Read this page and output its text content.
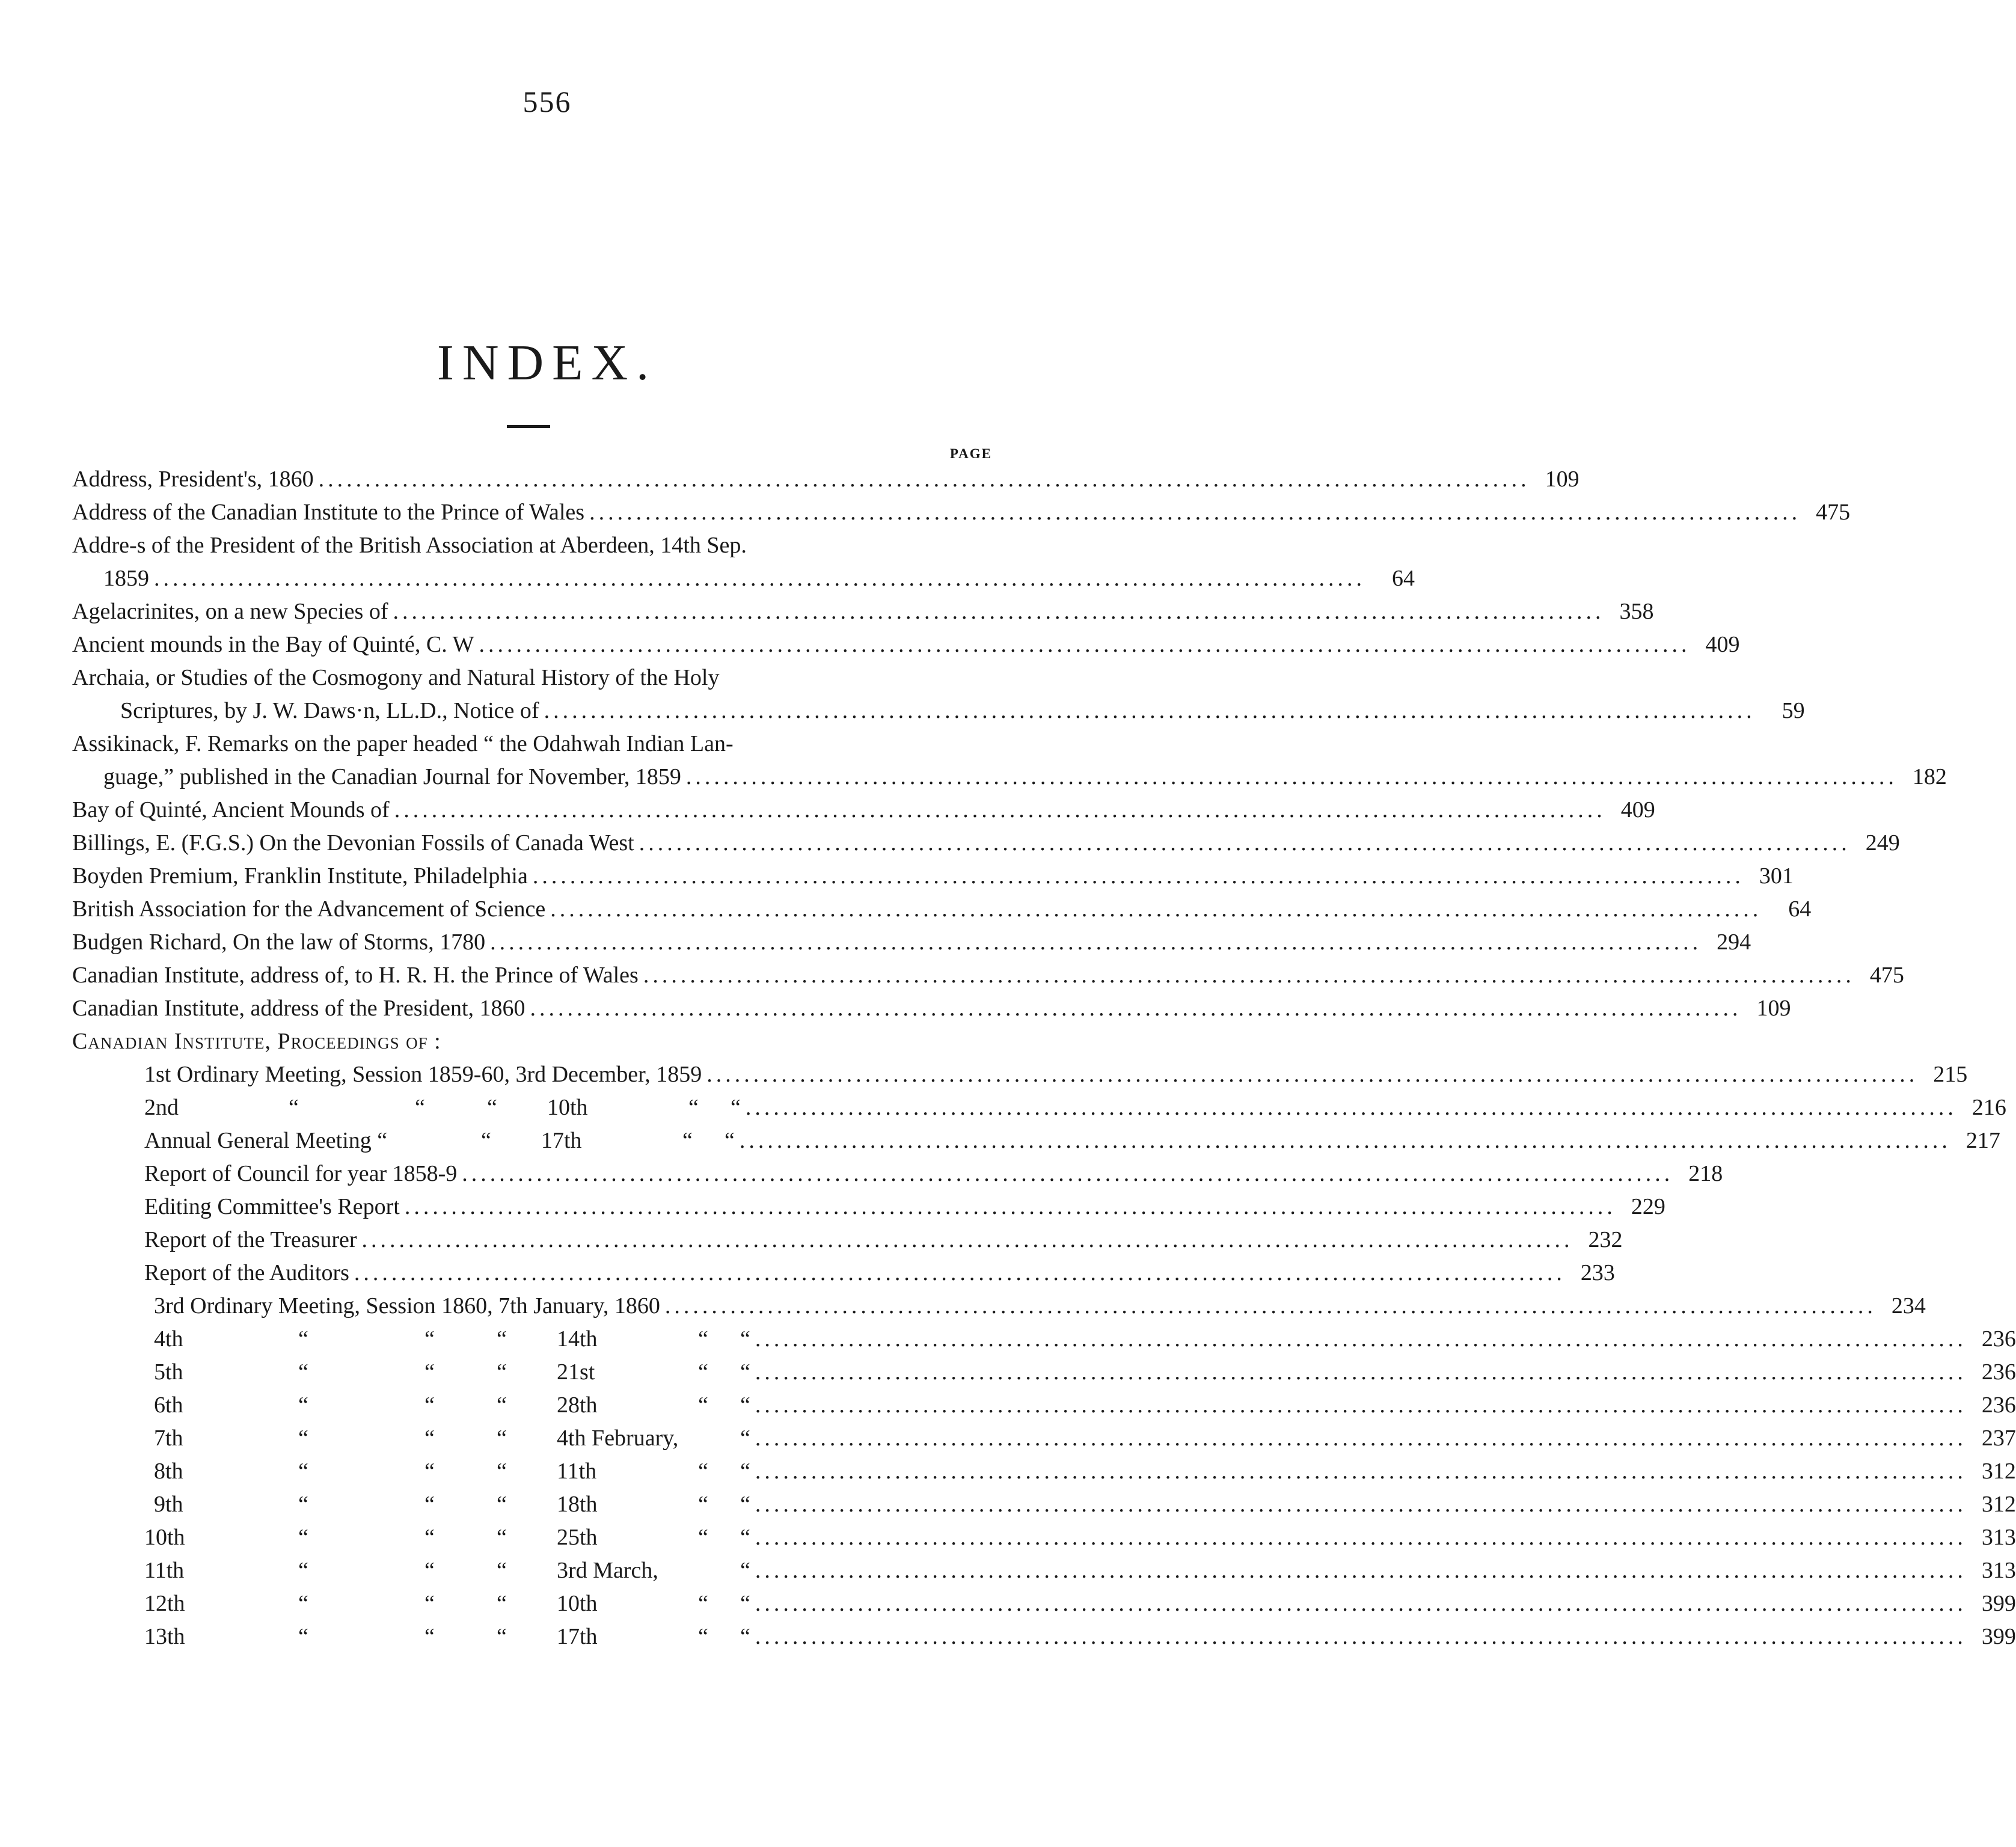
556
INDEX.
PAGE
Address, President's, 1860 .................................................................................................................................. 109
Address of the Canadian Institute to the Prince of Wales .................................................................................................................................. 475
Addre-s of the President of the British Association at Aberdeen, 14th Sep.
1859 ..................................................................................................................................	64
Agelacrinites, on a new Species of .................................................................................................................................. 358
Ancient mounds in the Bay of Quinté, C. W .................................................................................................................................. 409
Archaia, or Studies of the Cosmogony and Natural History of the Holy
Scriptures, by J. W. Daws·n, LL.D., Notice of ..................................................................................................................................	59
Assikinack, F. Remarks on the paper headed “ the Odahwah Indian Lan-
guage,” published in the Canadian Journal for November, 1859 .................................................................................................................................. 182
Bay of Quinté, Ancient Mounds of .................................................................................................................................. 409
Billings, E. (F.G.S.) On the Devonian Fossils of Canada West .................................................................................................................................. 249
Boyden Premium, Franklin Institute, Philadelphia .................................................................................................................................. 301
British Association for the Advancement of Science ..................................................................................................................................	64
Budgen Richard, On the law of Storms, 1780 .................................................................................................................................. 294
Canadian Institute, address of, to H. R. H. the Prince of Wales .................................................................................................................................. 475
Canadian Institute, address of the President, 1860 .................................................................................................................................. 109
Canadian Institute, Proceedings of :
1st Ordinary Meeting, Session 1859-60, 3rd December, 1859 .................................................................................................................................. 215
2nd	“	“	“	10th	“	“ .................................................................................................................................. 216
Annual General Meeting “	“	17th	“	“ .................................................................................................................................. 217
Report of Council for year 1858-9 .................................................................................................................................. 218
Editing Committee's Report .................................................................................................................................. 229
Report of the Treasurer .................................................................................................................................. 232
Report of the Auditors .................................................................................................................................. 233
3rd Ordinary Meeting, Session 1860, 7th January, 1860 .................................................................................................................................. 234
4th	“	“	“	14th	“	“ .................................................................................................................................. 236
5th	“	“	“	21st	“	“ .................................................................................................................................. 236
6th	“	“	“	28th	“	“ .................................................................................................................................. 236
7th	“	“	“	4th February,	“ .................................................................................................................................. 237
8th	“	“	“	11th	“	“ .................................................................................................................................. 312
9th	“	“	“	18th	“	“ .................................................................................................................................. 312
10th	“	“	“	25th	“	“ .................................................................................................................................. 313
11th	“	“	“	3rd March,	“ .................................................................................................................................. 313
12th	“	“	“	10th	“	“ .................................................................................................................................. 399
13th	“	“	“	17th	“	“ .................................................................................................................................. 399
